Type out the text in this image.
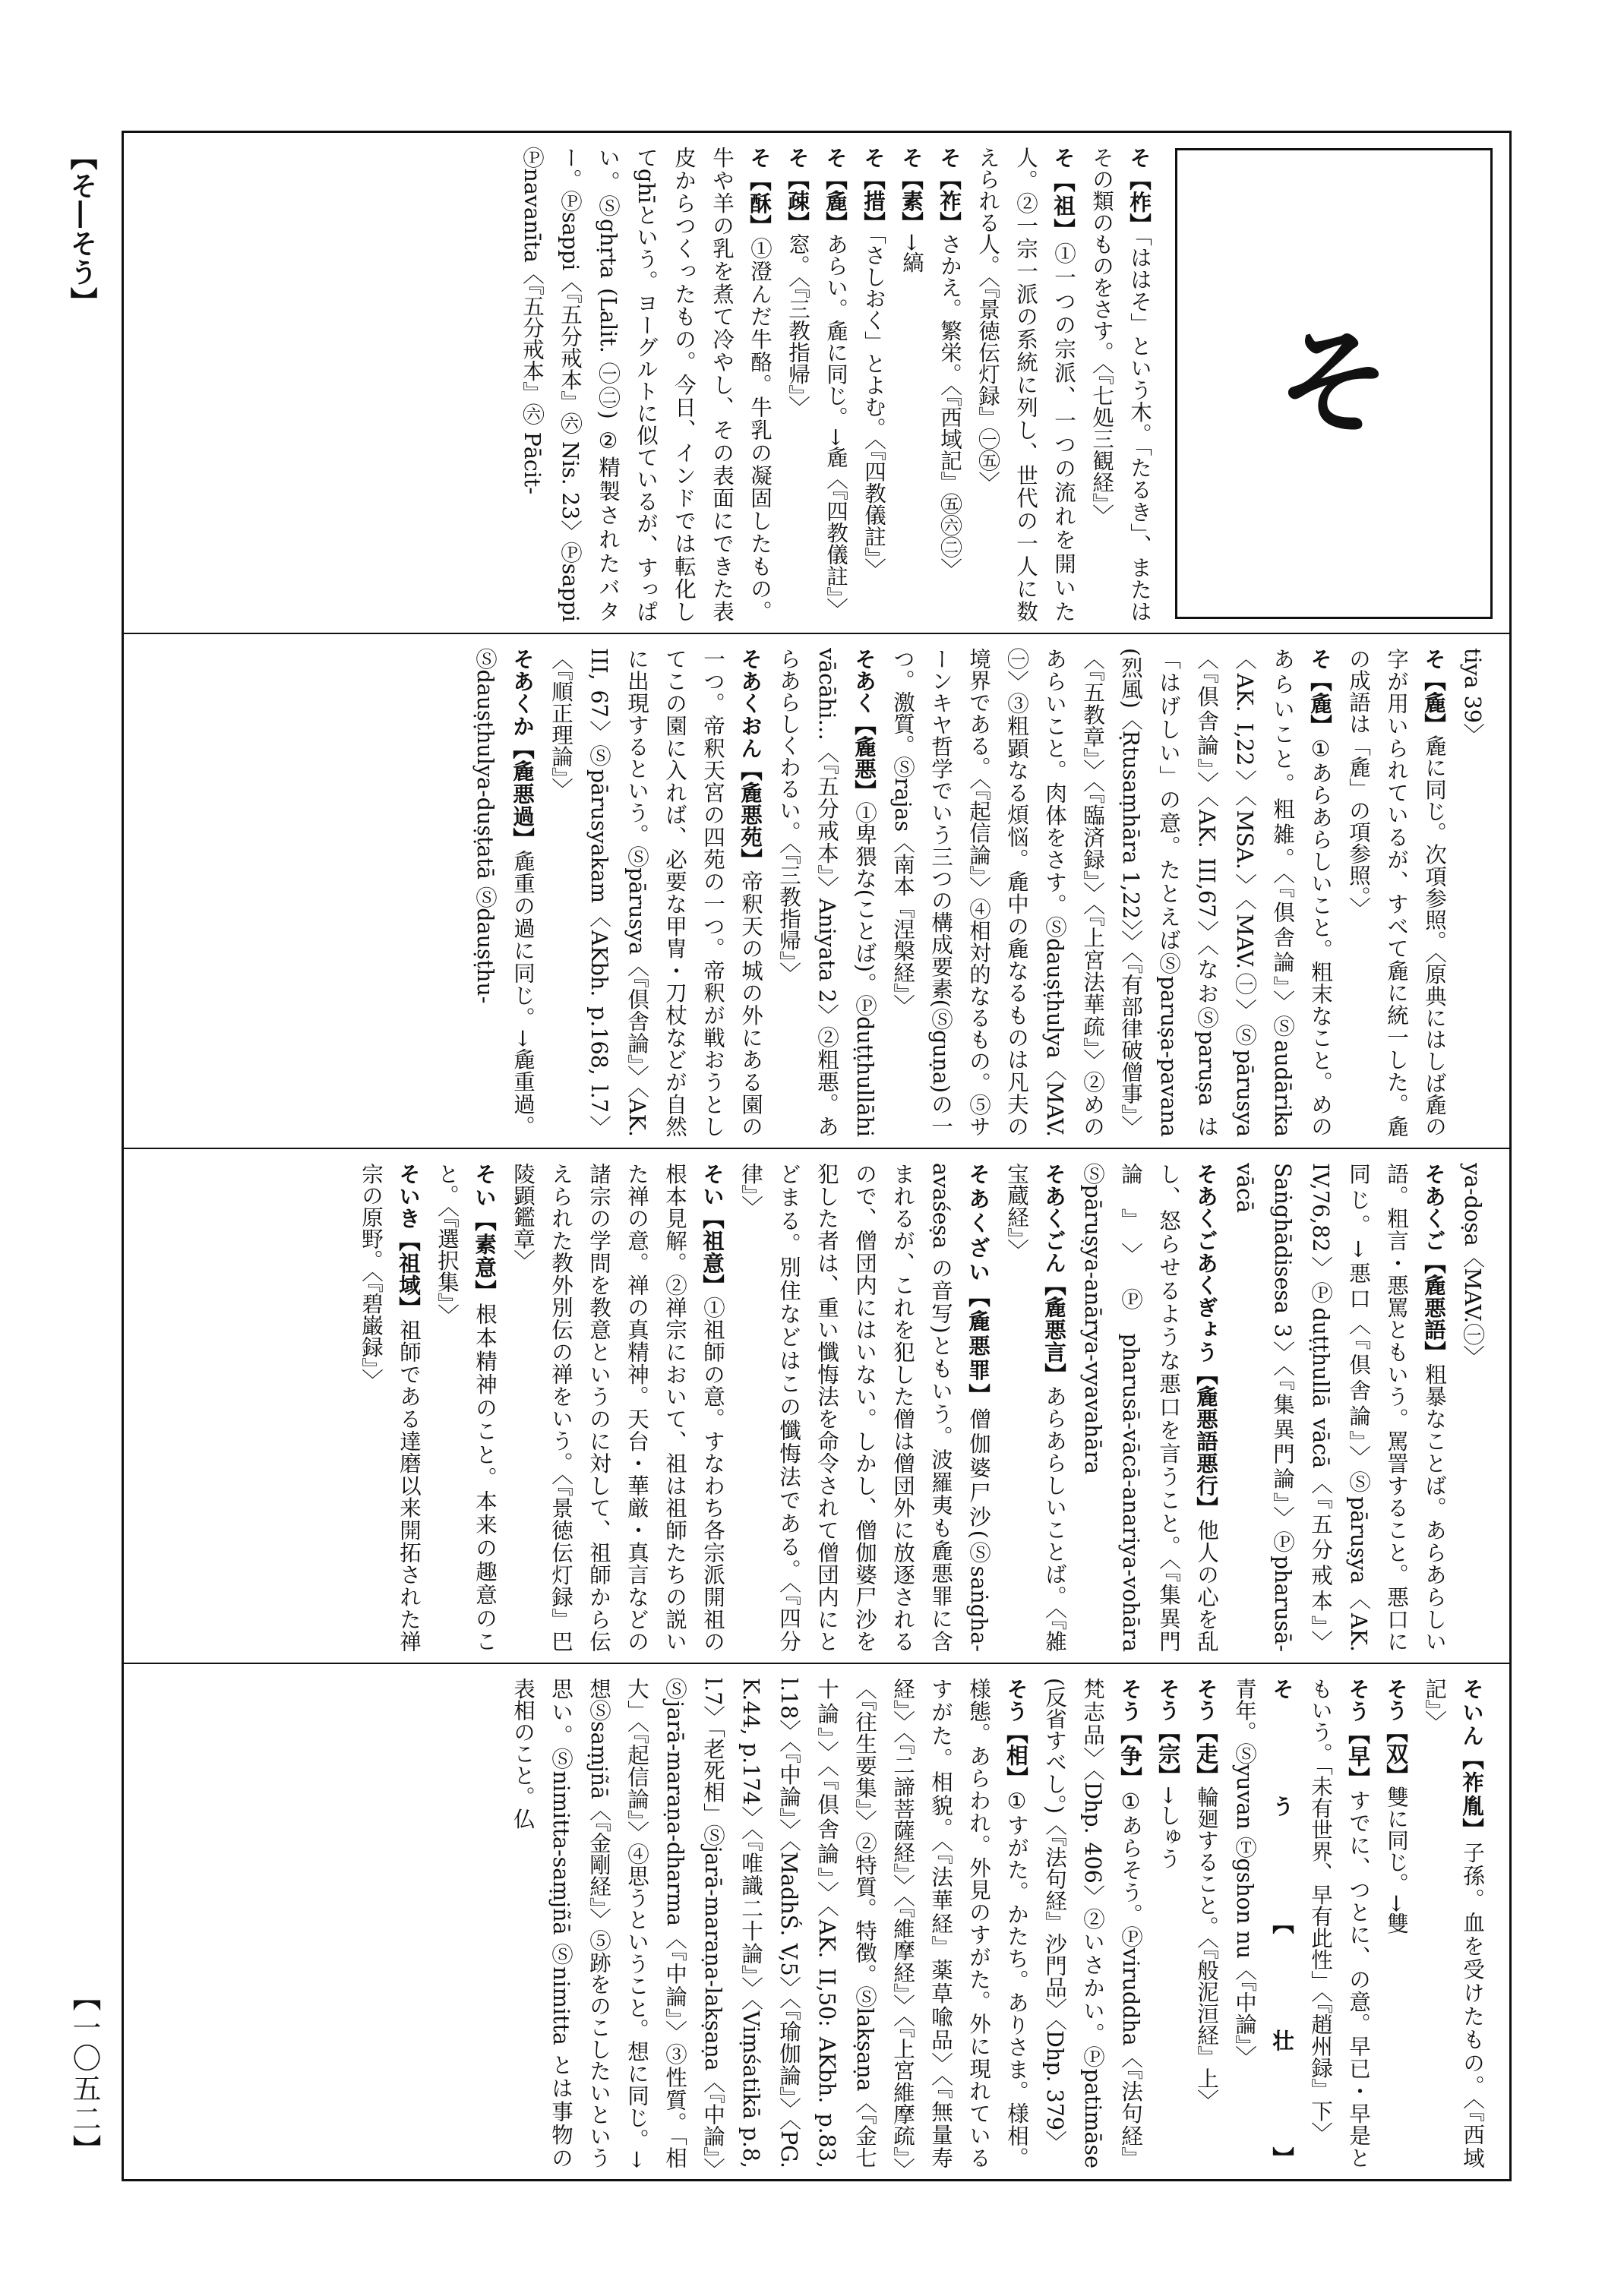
【そ―そう】
【一〇五二】
そ
そ【柞】「ははそ」という木。「たるき」、またはその類のものをさす。〈『七処三観経』〉
そ【祖】①一つの宗派、一つの流れを開いた人。②一宗一派の系統に列し、世代の一人に数えられる人。〈『景徳伝灯録』㊀㊄〉
そ【祚】さかえ。繁栄。〈『西域記』㊄㊅㊁〉
そ【素】→縞
そ【措】「さしおく」とよむ。〈『四教儀註』〉
そ【麁】あらい。麁に同じ。→麁〈『四教儀註』〉
そ【疎】窓。〈『三教指帰』〉
そ【酥】①澄んだ牛酪。牛乳の凝固したもの。牛や羊の乳を煮て冷やし、その表面にできた表皮からつくったもの。今日、インドでは転化してghīという。ヨーグルトに似ているが、すっぱい。Ⓢghṛta (Lalit. ㊀㊁) ②精製されたバター。Ⓟsappi〈『五分戒本』㊅ Nis. 23〉Ⓟsappi Ⓟnavanīta〈『五分戒本』㊅ Pācit-
tiya 39〉
そ【麁】麁に同じ。次項参照。〈原典にはしば麁の字が用いられているが、すべて麁に統一した。麁の成語は「麁」の項参照。〉
そ【麁】①あらあらしいこと。粗末なこと。めのあらいこと。粗雑。〈『倶舎論』〉Ⓢaudārika〈AK. I,22〉〈MSA.〉〈MAV.㊀〉Ⓢpārusya〈『倶舎論』〉〈AK. III,67〉〈なおⓈparuṣa は「はげしい」の意。たとえばⓈparuṣa-pavana (烈風)〈Ṛtusaṃhāra 1,22〉〉〈『有部律破僧事』〉〈『五教章』〉〈『臨済録』〉〈『上宮法華疏』〉②めのあらいこと。肉体をさす。Ⓢdauṣṭhulya〈MAV.㊀〉③粗顕なる煩悩。麁中の麁なるものは凡夫の境界である。〈『起信論』〉④相対的なるもの。⑤サーンキヤ哲学でいう三つの構成要素(Ⓢguṇa)の一つ。激質。Ⓢrajas〈南本『涅槃経』〉
そあく【麁悪】①卑猥な(ことば)。Ⓟduṭṭhullāhi vācāhi…〈『五分戒本』〉Aniyata 2〉②粗悪。あらあらしくわるい。〈『三教指帰』〉
そあくおん【麁悪苑】帝釈天の城の外にある園の一つ。帝釈天宮の四苑の一つ。帝釈が戦おうとしてこの園に入れば、必要な甲冑・刀杖などが自然に出現するという。Ⓢpārusya〈『倶舎論』〉〈AK. III, 67〉Ⓢpārusyakam〈AKbh. p.168, l.7〉〈『順正理論』〉
そあくか【麁悪過】麁重の過に同じ。→麁重過。Ⓢdauṣṭhulya-duṣṭatā Ⓢdauṣṭhu-
ya-doṣa〈MAV.㊀〉
そあくご【麁悪語】粗暴なことば。あらあらしい語。粗言・悪罵ともいう。罵詈すること。悪口に同じ。→悪口〈『倶舎論』〉Ⓢpāruṣya〈AK. IV,76,82〉Ⓟduṭṭhullā vācā〈『五分戒本』〉Saṅghādisesa 3〉〈『集異門論』〉Ⓟpharusā-vācā
そあくごあくぎょう【麁悪語悪行】他人の心を乱し、怒らせるような悪口を言うこと。〈『集異門論』〉Ⓟpharusā-vācā-anariya-vohāra Ⓢpāruṣya-anārya-vyavahāra
そあくごん【麁悪言】あらあらしいことば。〈『雑宝蔵経』〉
そあくざい【麁悪罪】僧伽婆尸沙(Ⓢsaṅgha-avaśeṣa の音写)ともいう。波羅夷も麁悪罪に含まれるが、これを犯した僧は僧団外に放逐されるので、僧団内にはいない。しかし、僧伽婆尸沙を犯した者は、重い懺悔法を命令されて僧団内にとどまる。別住などはこの懺悔法である。〈『四分律』〉
そい【祖意】①祖師の意。すなわち各宗派開祖の根本見解。②禅宗において、祖は祖師たちの説いた禅の意。禅の真精神。天台・華厳・真言などの諸宗の学問を教意というのに対して、祖師から伝えられた教外別伝の禅をいう。〈『景徳伝灯録』巴陵顕鑑章〉
そい【素意】根本精神のこと。本来の趣意のこと。〈『選択集』〉
そいき【祖域】祖師である達磨以来開拓された禅宗の原野。〈『碧巌録』〉
そいん【祚胤】子孫。血を受けたもの。〈『西域記』〉
そう【双】雙に同じ。→雙
そう【早】すでに、つとに、の意。早已・早是ともいう。「未有世界、早有此性」〈『趙州録』下〉
そう【壮】青年。Ⓢyuvan Ⓣgshon nu〈『中論』〉
そう【走】輪廻すること。〈『般泥洹経』上〉
そう【宗】→しゅう
そう【争】①あらそう。Ⓟviruddha〈『法句経』梵志品〉〈Dhp. 406〉②いさかい。Ⓟpatimāse (反省すべし。)〈『法句経』沙門品〉〈Dhp. 379〉
そう【相】①すがた。かたち。ありさま。様相。様態。あらわれ。外見のすがた。外に現れているすがた。相貌。〈『法華経』薬草喩品〉〈『無量寿経』〉〈『二諦菩薩経』〉〈『維摩経』〉〈『上宮維摩疏』〉〈『往生要集』〉②特質。特徴。Ⓢlakṣaṇa〈『金七十論』〉〈『倶舎論』〉〈AK. II,50: AKbh. p.83, l.18〉〈『中論』〉〈MadhŚ. V,5〉〈『瑜伽論』〉〈PG. K.44, p.174〉〈『唯識二十論』〉〈Viṃśatikā p.8, l.7〉「老死相」Ⓢjarā-maraṇa-lakṣaṇa〈『中論』〉Ⓢjarā-maraṇa-dharma〈『中論』〉③性質。「相大」〈『起信論』〉④思うということ。想に同じ。→想Ⓢsaṃjñā〈『金剛経』〉⑤跡をのこしたいという思い。Ⓢnimitta-saṃjñā Ⓢnimitta とは事物の表相のこと。仏
